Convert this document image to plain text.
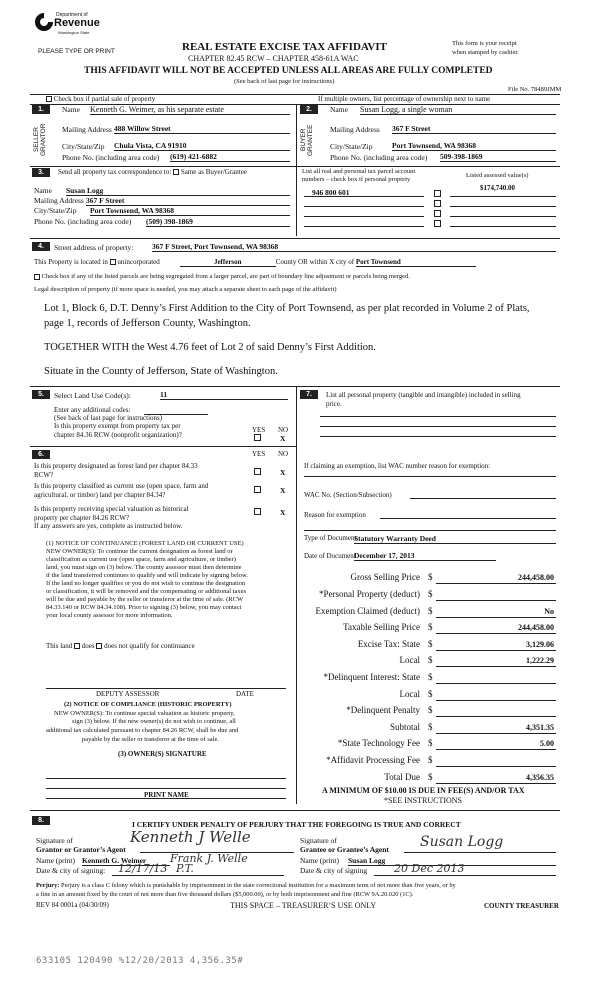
Department of
Revenue
Washington State
PLEASE TYPE OR PRINT	REAL ESTATE EXCISE TAX AFFIDAVIT
CHAPTER 82.45 RCW – CHAPTER 458-61A WAC
This form is your receipt
when stamped by cashier.
THIS AFFIDAVIT WILL NOT BE ACCEPTED UNLESS ALL AREAS ARE FULLY COMPLETED
(See back of last page for instructions)
File No. 78489JMM
Check box if partial sale of property	If multiple owners, list percentage of ownership next to name
1.	Name Kenneth G. Weimer, as his separate estate
SELLER GRANTOR Mailing Address 488 Willow Street
City/State/Zip Chula Vista, CA 91910
Phone No. (including area code) (619) 421-6882
2.	Name Susan Logg, a single woman
BUYER GRANTEE Mailing Address 367 F Street
City/State/Zip	Port Townsend, WA 98368
Phone No. (including area code) 509-398-1869
3.	Send all property tax correspondence to: Same as Buyer/Grantee
Name Susan Logg
Mailing Address 367 F Street
City/State/Zip Port Townsend, WA 98368
Phone No. (including area code) (509) 398-1869
List all real and personal tax parcel account
numbers – check box if personal property
Listed assessed value(s)
$174,740.00
946 800 601
4.	Street address of property: 367 F Street, Port Townsend, WA 98368
This Property is located in unincorporated	Jefferson	County OR within X city of Port Townsend
Check box if any of the listed parcels are being segregated from a larger parcel, are part of boundary line adjustment or parcels being merged.
Legal description of property (if more space is needed, you may attach a separate sheet to each page of the affidavit)
Lot 1, Block 6, D.T. Denny’s First Addition to the City of Port Townsend, as per plat recorded in Volume 2 of Plats,
page 1, records of Jefferson County, Washington.
TOGETHER WITH the West 4.76 feet of Lot 2 of said Denny’s First Addition.
Situate in the County of Jefferson, State of Washington.
5.	Select Land Use Code(s):	11
Enter any additional codes:
(See back of last page for instructions)
Is this property exempt from property tax per	YES NO
chapter 84.36 RCW (nonprofit organization)?	X
7.	List all personal property (tangible and intangible) included in selling
price.
6.	YES NO
Is this property designated as forest land per chapter 84.33
RCW?	X
Is this property classified as current use (open space, farm and
agricultural, or timber) land per chapter 84.34?	X
Is this property receiving special valuation as historical
property per chapter 84.26 RCW?
X
If any answers are yes, complete as instructed below.
(1) NOTICE OF CONTINUANCE (FOREST LAND OR CURRENT USE)
NEW OWNER(S): To continue the current designation as forest land or
classification as current use (open space, farm and agriculture, or timber)
land, you must sign on (3) below. The county assessor must then determine
if the land transferred continues to qualify and will indicate by signing below.
If the land no longer qualifies or you do not wish to continue the designation
or classification, it will be removed and the compensating or additional taxes
will be due and payable by the seller or transferor at the time of sale. (RCW
84.33.140 or RCW 84.34.108). Prior to signing (3) below, you may contact
your local county assessor for more information.
This land does does not qualify for continuance
DEPUTY ASSESSOR	DATE
(2) NOTICE OF COMPLIANCE (HISTORIC PROPERTY)
NEW OWNER(S): To continue special valuation as historic property,
sign (3) below. If the new owner(s) do not wish to continue, all
additional tax calculated pursuant to chapter 84.26 RCW, shall be due and
payable by the seller or transferor at the time of sale.
(3) OWNER(S) SIGNATURE
PRINT NAME
If claiming an exemption, list WAC number reason for exemption:
WAC No. (Section/Subsection)
Reason for exemption
Type of Document
Statutory Warranty Deed
Date of Document
December 17, 2013
Gross Selling Price $	244,458.00
*Personal Property (deduct) $
Exemption Claimed (deduct) $	No
Taxable Selling Price $	244,458.00
Excise Tax: State $	3,129.06
Local $	1,222.29
*Delinquent Interest: State $
Local $
*Delinquent Penalty $
Subtotal $	4,351.35
*State Technology Fee $	5.00
*Affidavit Processing Fee $
Total Due $	4,356.35
A MINIMUM OF $10.00 IS DUE IN FEE(S) AND/OR TAX
*SEE INSTRUCTIONS
8.	I CERTIFY UNDER PENALTY OF PERJURY THAT THE FOREGOING IS TRUE AND CORRECT
Signature of
Grantor or Grantor’s Agent
Kenneth J Welle
Name (print) Kenneth G. Weimer	Frank J. Welle
Date & city of signing: 12/17/13 P.T.
Signature of
Grantee or Grantee’s Agent Susan Logg
Name (print) Susan Logg
Date & city of signing 20 Dec 2013
Perjury: Perjury is a class C felony which is punishable by imprisonment in the state correctional institution for a maximum term of not more than five years, or by
a fine in an amount fixed by the court of not more than five thousand dollars ($5,000.00), or by both imprisonment and fine (RCW 9A.20.020 (1C).
REV 84 0001a (04/30/09)	THIS SPACE – TREASURER’S USE ONLY	COUNTY TREASURER
633105 120490 %12/20/2013 4,356.35#
